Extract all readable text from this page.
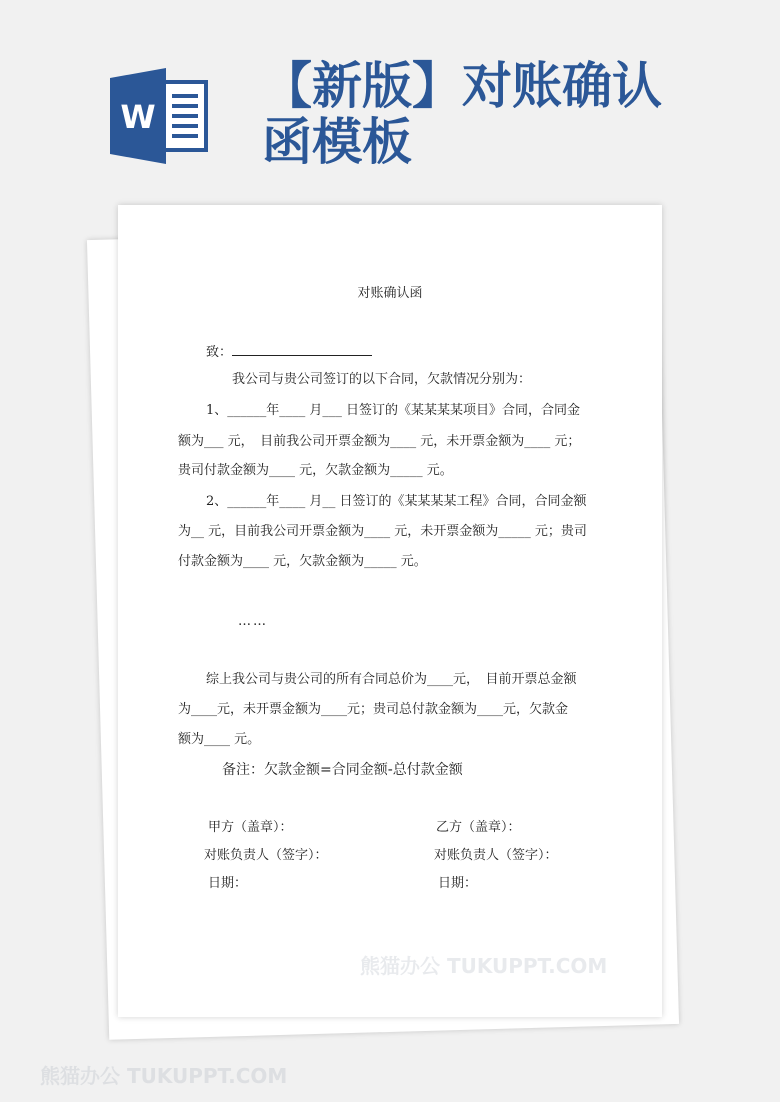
W
【新版】对账确认函模板
对账确认函
致：
我公司与贵公司签订的以下合同，欠款情况分别为：
1、______年____ 月___ 日签订的《某某某某项目》合同，合同金
额为___ 元，　目前我公司开票金额为____ 元，未开票金额为____ 元；
贵司付款金额为____ 元，欠款金额为_____ 元。
2、______年____ 月__ 日签订的《某某某某工程》合同，合同金额
为__ 元，目前我公司开票金额为____ 元，未开票金额为_____ 元；贵司
付款金额为____ 元，欠款金额为_____ 元。
……
综上我公司与贵公司的所有合同总价为____元，　目前开票总金额
为____元，未开票金额为____元；贵司总付款金额为____元，欠款金
额为____ 元。
备注：欠款金额=合同金额-总付款金额
甲方（盖章）：
对账负责人（签字）：
日期：
乙方（盖章）：
对账负责人（签字）：
日期：
熊猫办公 TUKUPPT.COM
熊猫办公 TUKUPPT.COM
